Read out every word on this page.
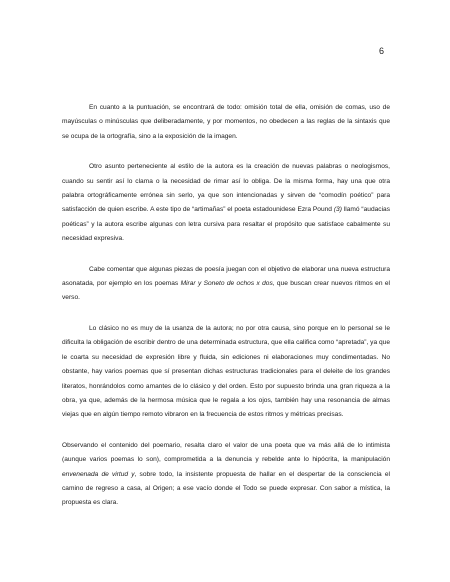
6

En cuanto a la puntuación, se encontrará de todo: omisión total de ella, omisión de comas, uso de mayúsculas o minúsculas que deliberadamente, y por momentos, no obedecen a las reglas de la sintaxis que se ocupa de la ortografía, sino a la exposición de la imagen.

Otro asunto perteneciente al estilo de la autora es la creación de nuevas palabras o neologismos, cuando su sentir así lo clama o la necesidad de rimar así lo obliga. De la misma forma, hay una que otra palabra ortográficamente errónea sin serlo, ya que son intencionadas y sirven de “comodín poético” para satisfacción de quien escribe. A este tipo de “artimañas” el poeta estadounidese Ezra Pound (3) llamó “audacias poéticas” y la autora escribe algunas con letra cursiva para resaltar el propósito que satisface cabalmente su necesidad expresiva.

Cabe comentar que algunas piezas de poesía juegan con el objetivo de elaborar una nueva estructura asonatada, por ejemplo en los poemas Mirar y Soneto de ochos x dos, que buscan crear nuevos ritmos en el verso.

Lo clásico no es muy de la usanza de la autora; no por otra causa, sino porque en lo personal se le dificulta la obligación de escribir dentro de una determinada estructura, que ella califica como “apretada”, ya que le coarta su necesidad de expresión libre y fluida, sin ediciones ni elaboraciones muy condimentadas. No obstante, hay varios poemas que sí presentan dichas estructuras tradicionales para el deleite de los grandes literatos, honrándolos como amantes de lo clásico y del orden. Esto por supuesto brinda una gran riqueza a la obra, ya que, además de la hermosa música que le regala a los ojos, también hay una resonancia de almas viejas que en algún tiempo remoto vibraron en la frecuencia de estos ritmos y métricas precisas.

Observando el contenido del poemario, resalta claro el valor de una poeta que va más allá de lo intimista (aunque varios poemas lo son), comprometida a la denuncia y rebelde ante lo hipócrita, la manipulación envenenada de virtud y, sobre todo, la insistente propuesta de hallar en el despertar de la consciencia el camino de regreso a casa, al Origen; a ese vacío donde el Todo se puede expresar. Con sabor a mística, la propuesta es clara.
